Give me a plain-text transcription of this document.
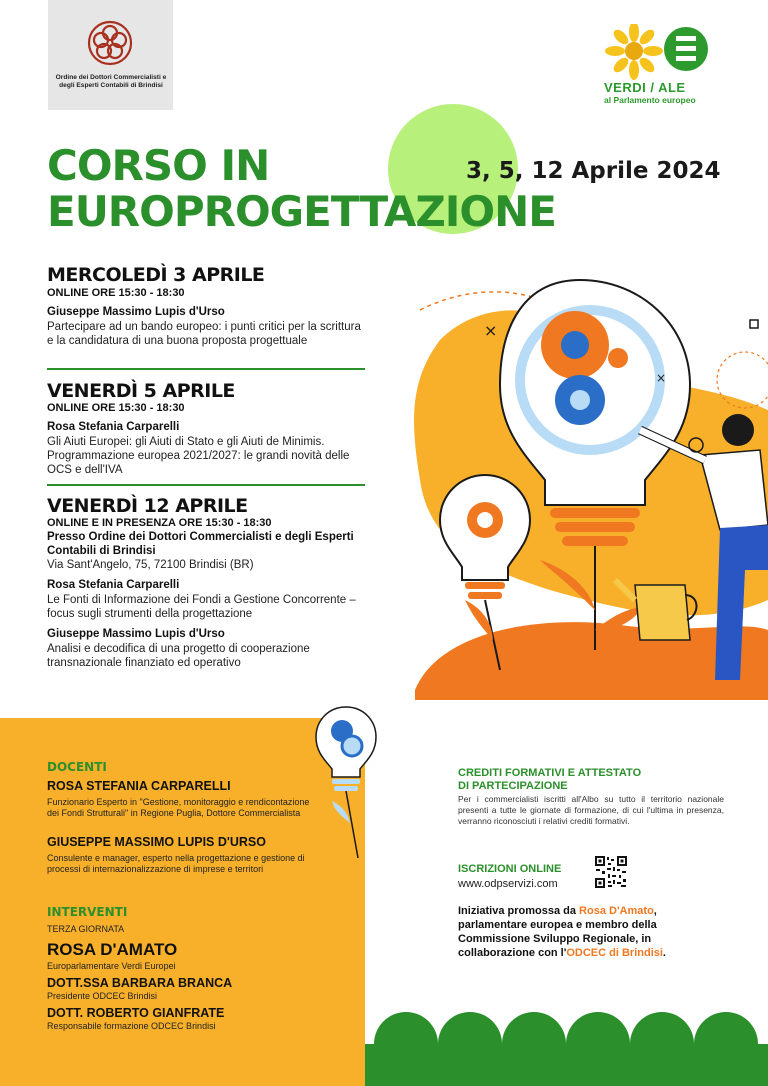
Ordine dei Dottori Commercialisti e degli Esperti Contabili di Brindisi	VERDI / ALE
al Parlamento europeo
CORSO IN
EUROPROGETTAZIONE
3, 5, 12 Aprile 2024
MERCOLEDÌ 3 APRILE
ONLINE ORE 15:30 - 18:30
Giuseppe Massimo Lupis d'Urso
Partecipare ad un bando europeo: i punti critici per la scrittura e la candidatura di una buona proposta progettuale
VENERDÌ 5 APRILE
ONLINE ORE 15:30 - 18:30
Rosa Stefania Carparelli
Gli Aiuti Europei: gli Aiuti di Stato e gli Aiuti de Minimis. Programmazione europea 2021/2027: le grandi novità delle OCS e dell'IVA
VENERDÌ 12 APRILE
ONLINE E IN PRESENZA ORE 15:30 - 18:30
Presso Ordine dei Dottori Commercialisti e degli Esperti Contabili di Brindisi
Via Sant'Angelo, 75, 72100 Brindisi (BR)
Rosa Stefania Carparelli
Le Fonti di Informazione dei Fondi a Gestione Concorrente – focus sugli strumenti della progettazione
Giuseppe Massimo Lupis d'Urso
Analisi e decodifica di una progetto di cooperazione transnazionale finanziato ed operativo
×
×
DOCENTI
ROSA STEFANIA CARPARELLI
Funzionario Esperto in "Gestione, monitoraggio e rendicontazione dei Fondi Strutturali" in Regione Puglia, Dottore Commercialista
GIUSEPPE MASSIMO LUPIS D'URSO
Consulente e manager, esperto nella progettazione e gestione di processi di internazionalizzazione di imprese e territori
INTERVENTI
TERZA GIORNATA
ROSA D'AMATO
Europarlamentare Verdi Europei
DOTT.SSA BARBARA BRANCA
Presidente ODCEC Brindisi
DOTT. ROBERTO GIANFRATE
Responsabile formazione ODCEC Brindisi
CREDITI FORMATIVI E ATTESTATO
DI PARTECIPAZIONE
Per i commercialisti iscritti all'Albo su tutto il territorio nazionale presenti a tutte le giornate di formazione, di cui l'ultima in presenza, verranno riconosciuti i relativi crediti formativi.
ISCRIZIONI ONLINE
www.odpservizi.com
Iniziativa promossa da Rosa D'Amato, parlamentare europea e membro della Commissione Sviluppo Regionale, in collaborazione con l'ODCEC di Brindisi.
